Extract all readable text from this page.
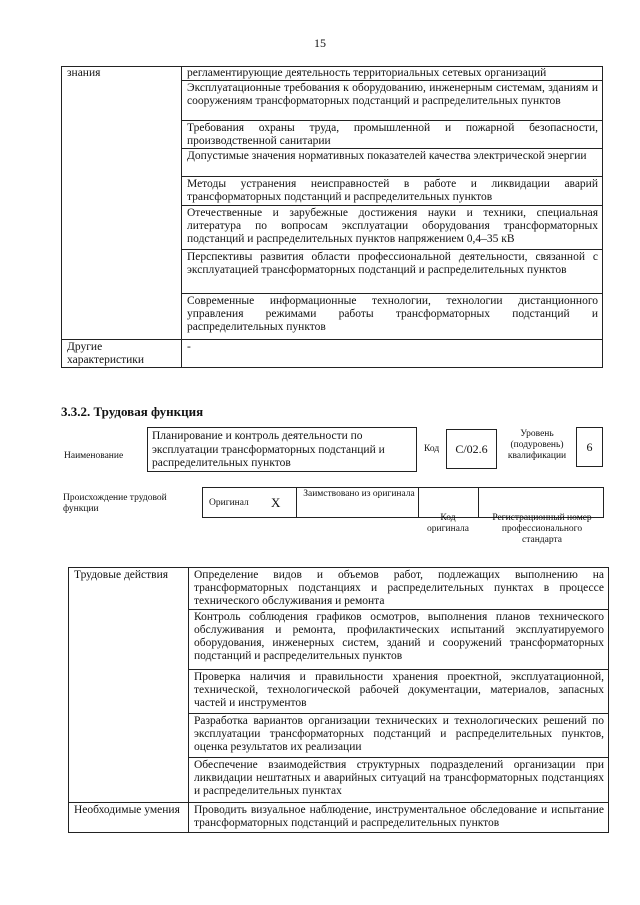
15
знания	регламентирующие деятельность территориальных сетевых организаций
	Эксплуатационные требования к оборудованию, инженерным системам, зданиям и сооружениям трансформаторных подстанций и распределительных пунктов
	Требования охраны труда, промышленной и пожарной безопасности, производственной санитарии
	Допустимые значения нормативных показателей качества электрической энергии
	Методы устранения неисправностей в работе и ликвидации аварий трансформаторных подстанций и распределительных пунктов
	Отечественные и зарубежные достижения науки и техники, специальная литература по вопросам эксплуатации оборудования трансформаторных подстанций и распределительных пунктов напряжением 0,4–35 кВ
	Перспективы развития области профессиональной деятельности, связанной с эксплуатацией трансформаторных подстанций и распределительных пунктов
	Современные информационные технологии, технологии дистанционного управления режимами работы трансформаторных подстанций и распределительных пунктов
Другие характеристики	-
3.3.2. Трудовая функция
Наименование
Планирование и контроль деятельности по эксплуатации трансформаторных подстанций и распределительных пунктов
Код	С/02.6
Уровень (подуровень) квалификации
6
Происхождение трудовой функции
Оригинал X
Заимствовано из оригинала
Код оригинала
Регистрационный номер профессионального стандарта
Трудовые действия	Определение видов и объемов работ, подлежащих выполнению на трансформаторных подстанциях и распределительных пунктах в процессе технического обслуживания и ремонта
	Контроль соблюдения графиков осмотров, выполнения планов технического обслуживания и ремонта, профилактических испытаний эксплуатируемого оборудования, инженерных систем, зданий и сооружений трансформаторных подстанций и распределительных пунктов
	Проверка наличия и правильности хранения проектной, эксплуатационной, технической, технологической рабочей документации, материалов, запасных частей и инструментов
	Разработка вариантов организации технических и технологических решений по эксплуатации трансформаторных подстанций и распределительных пунктов, оценка результатов их реализации
	Обеспечение взаимодействия структурных подразделений организации при ликвидации нештатных и аварийных ситуаций на трансформаторных подстанциях и распределительных пунктах
Необходимые умения	Проводить визуальное наблюдение, инструментальное обследование и испытание трансформаторных подстанций и распределительных пунктов
